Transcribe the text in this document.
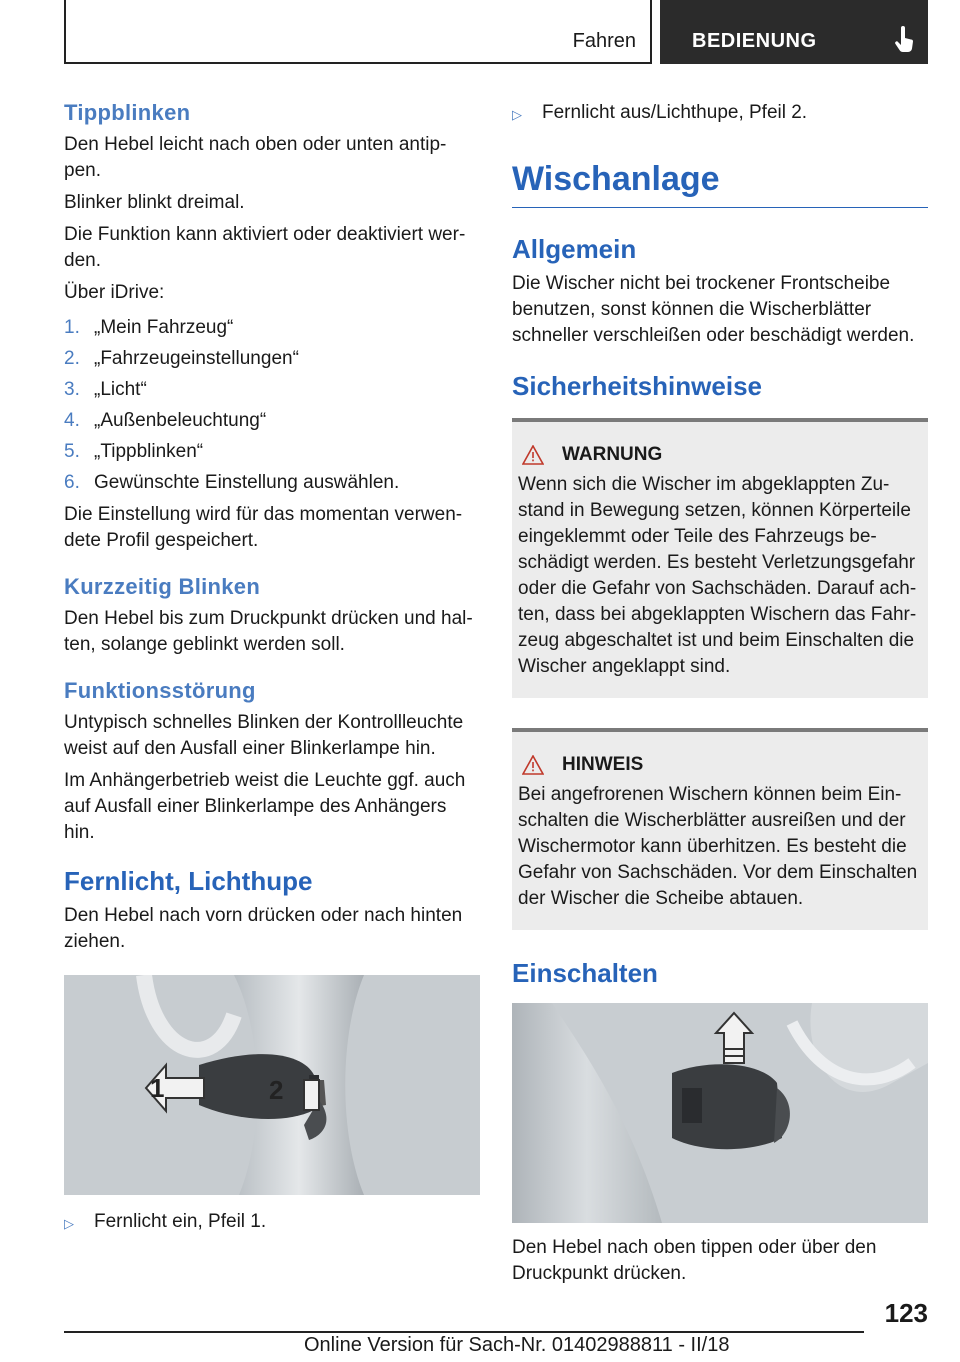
Fahren	BEDIENUNG
Tippblinken

Den Hebel leicht nach oben oder unten antip-pen.

Blinker blinkt dreimal.

Die Funktion kann aktiviert oder deaktiviert wer-den.

Über iDrive:

1. „Mein Fahrzeug“
2. „Fahrzeugeinstellungen“
3. „Licht“
4. „Außenbeleuchtung“
5. „Tippblinken“
6. Gewünschte Einstellung auswählen.

Die Einstellung wird für das momentan verwen-dete Profil gespeichert.

Kurzzeitig Blinken

Den Hebel bis zum Druckpunkt drücken und hal-ten, solange geblinkt werden soll.

Funktionsstörung

Untypisch schnelles Blinken der Kontrollleuchte weist auf den Ausfall einer Blinkerlampe hin.

Im Anhängerbetrieb weist die Leuchte ggf. auch auf Ausfall einer Blinkerlampe des Anhängers hin.

Fernlicht, Lichthupe

Den Hebel nach vorn drücken oder nach hinten ziehen.

1	2
▷	Fernlicht ein, Pfeil 1.
▷	Fernlicht aus/Lichthupe, Pfeil 2.
Wischanlage
Allgemein

Die Wischer nicht bei trockener Frontscheibe benutzen, sonst können die Wischerblätter schneller verschleißen oder beschädigt werden.

Sicherheitshinweise
WARNUNG

Wenn sich die Wischer im abgeklappten Zu-stand in Bewegung setzen, können Körperteile eingeklemmt oder Teile des Fahrzeugs be-schädigt werden. Es besteht Verletzungsgefahr oder die Gefahr von Sachschäden. Darauf ach-ten, dass bei abgeklappten Wischern das Fahr-zeug abgeschaltet ist und beim Einschalten die Wischer angeklappt sind.

HINWEIS

Bei angefrorenen Wischern können beim Ein-schalten die Wischerblätter ausreißen und der Wischermotor kann überhitzen. Es besteht die Gefahr von Sachschäden. Vor dem Einschalten der Wischer die Scheibe abtauen.

Einschalten

Den Hebel nach oben tippen oder über den Druckpunkt drücken.

123
Online Version für Sach-Nr. 01402988811 - II/18
